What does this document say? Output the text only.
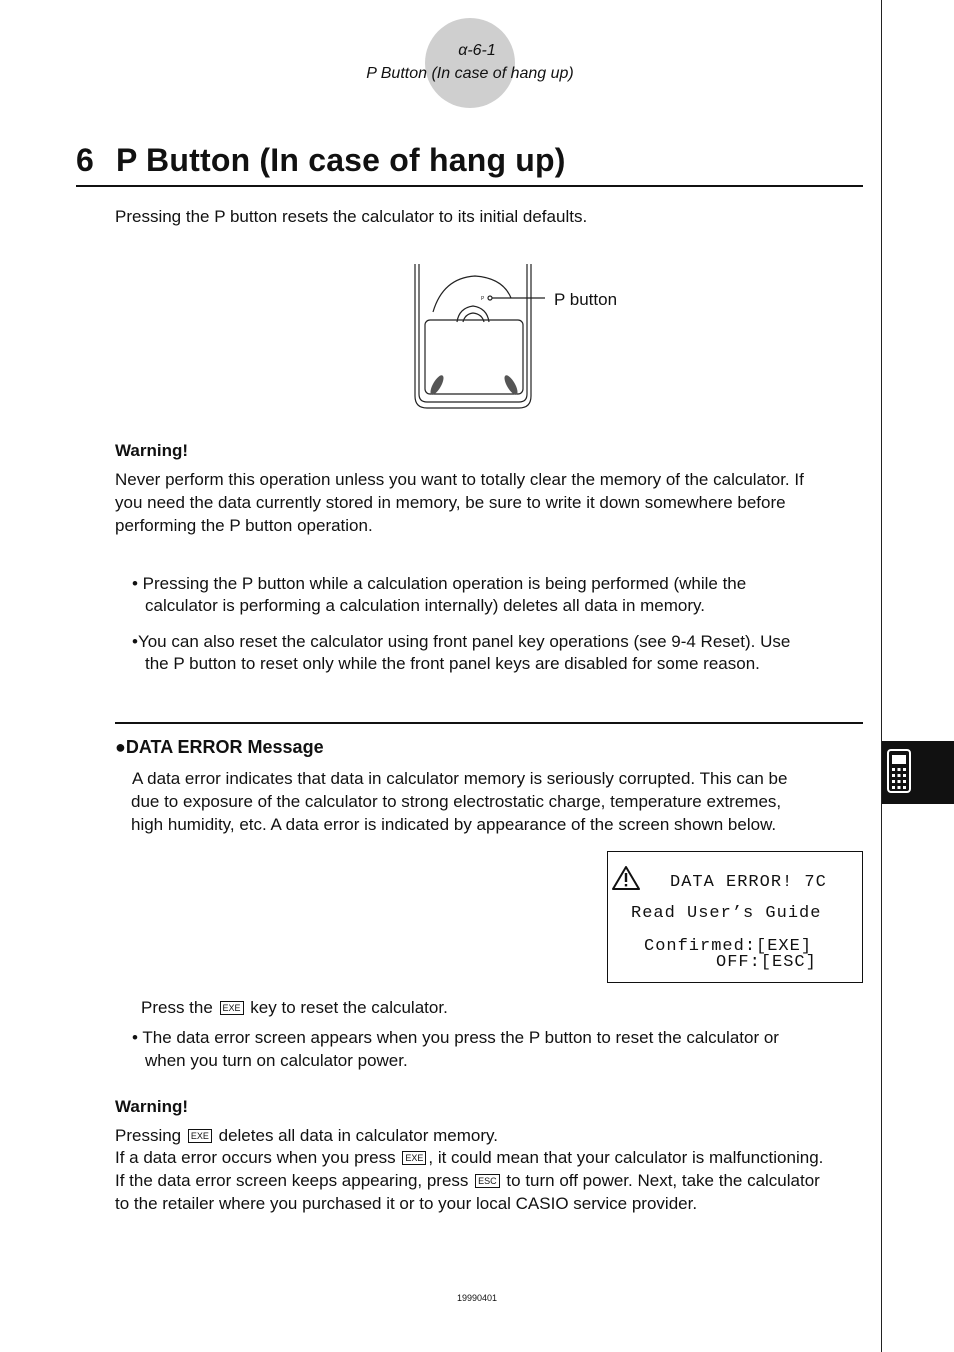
α-6-1
P Button (In case of hang up)
6 P Button (In case of hang up)
Pressing the P button resets the calculator to its initial defaults.
P	P button
Warning!
Never perform this operation unless you want to totally clear the memory of the calculator. If
you need the data currently stored in memory, be sure to write it down somewhere before
performing the P button operation.
• Pressing the P button while a calculation operation is being performed (while the
calculator is performing a calculation internally) deletes all data in memory.
•You can also reset the calculator using front panel key operations (see 9-4 Reset). Use
the P button to reset only while the front panel keys are disabled for some reason.
●DATA ERROR Message
A data error indicates that data in calculator memory is seriously corrupted. This can be
due to exposure of the calculator to strong electrostatic charge, temperature extremes,
high humidity, etc. A data error is indicated by appearance of the screen shown below.
DATA ERROR! 7C
Read User’s Guide
Confirmed:[EXE]
OFF:[ESC]
Press the EXE key to reset the calculator.
• The data error screen appears when you press the P button to reset the calculator or
when you turn on calculator power.
Warning!
Pressing EXE deletes all data in calculator memory.
If a data error occurs when you press EXE , it could mean that your calculator is malfunctioning.
If the data error screen keeps appearing, press ESC to turn off power. Next, take the calculator
to the retailer where you purchased it or to your local CASIO service provider.
19990401
